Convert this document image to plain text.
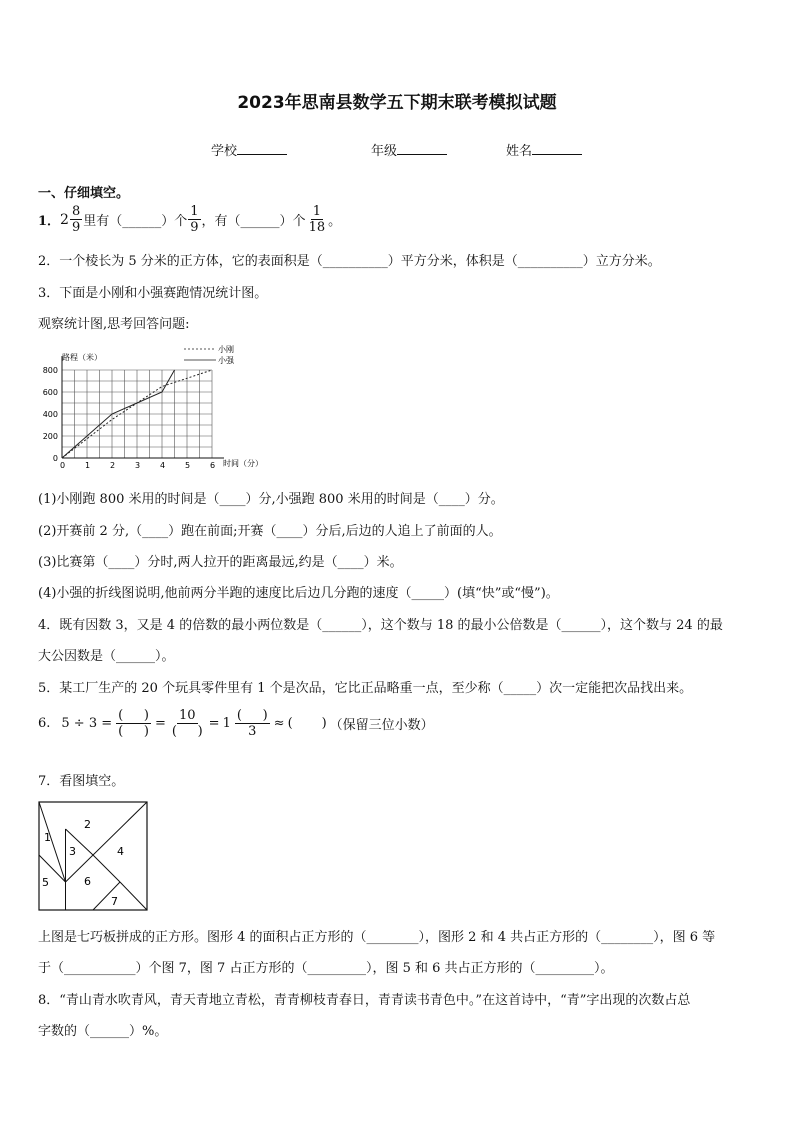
2023年思南县数学五下期末联考模拟试题
学校	年级	姓名
一、仔细填空。
1． $2 \frac{8}{9}$ 里有（______）个 $\frac{1}{9}$ ，有（______）个 $\frac{1}{18}$ 。
2．一个棱长为 5 分米的正方体，它的表面积是（__________）平方分米，体积是（__________）立方分米。
3．下面是小刚和小强赛跑情况统计图。
观察统计图,思考回答问题:
0 1 2 3 4 5 6
0
200
400
600
800
路程（米）
时间（分）
小刚
小强
(1)小刚跑 800 米用的时间是（____）分,小强跑 800 米用的时间是（____）分。
(2)开赛前 2 分,（____）跑在前面;开赛（____）分后,后边的人追上了前面的人。
(3)比赛第（____）分时,两人拉开的距离最远,约是（____）米。
(4)小强的折线图说明,他前两分半跑的速度比后边几分跑的速度（_____）(填“快”或“慢”)。
4．既有因数 3，又是 4 的倍数的最小两位数是（______），这个数与 18 的最小公倍数是（______），这个数与 24 的最
大公因数是（______）。
5．某工厂生产的 20 个玩具零件里有 1 个是次品，它比正品略重一点，至少称（_____）次一定能把次品找出来。
6. $5 \div 3 = \frac{( )}{( )} = \frac{10}{( )} = 1 \frac{( )}{3}$ ≈ (       ) （保留三位小数）
7．看图填空。
1
2
3	4
5	6
7
上图是七巧板拼成的正方形。图形 4 的面积占正方形的（________），图形 2 和 4 共占正方形的（________），图 6 等
于（___________）个图 7，图 7 占正方形的（_________），图 5 和 6 共占正方形的（_________）。
8．“青山青水吹青风，青天青地立青松，青青柳枝青春日，青青读书青色中。”在这首诗中，“青”字出现的次数占总
字数的（______）%。
